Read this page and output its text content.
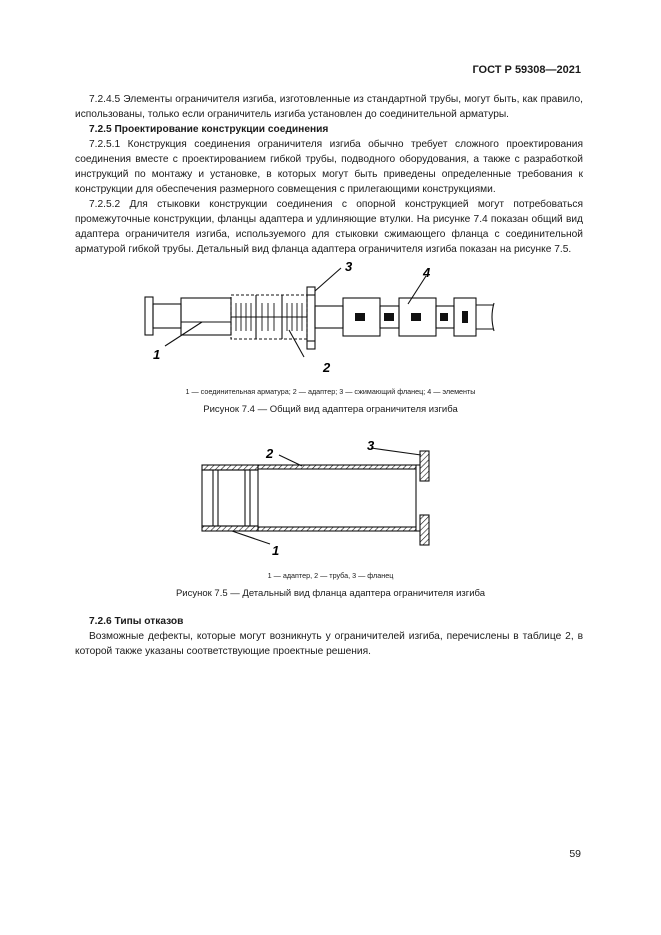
ГОСТ Р 59308—2021

7.2.4.5 Элементы ограничителя изгиба, изготовленные из стандартной трубы, могут быть, как правило, использованы, только если ограничитель изгиба установлен до соединительной арматуры.

7.2.5 Проектирование конструкции соединения

7.2.5.1 Конструкция соединения ограничителя изгиба обычно требует сложного проектирования соединения вместе с проектированием гибкой трубы, подводного оборудования, а также с разработкой инструкций по монтажу и установке, в которых могут быть приведены определенные требования к конструкции для обеспечения размерного совмещения с прилегающими конструкциями.

7.2.5.2 Для стыковки конструкции соединения с опорной конструкцией могут потребоваться промежуточные конструкции, фланцы адаптера и удлиняющие втулки. На рисунке 7.4 показан общий вид адаптера ограничителя изгиба, используемого для стыковки сжимающего фланца с соединительной арматурой гибкой трубы. Детальный вид фланца адаптера ограничителя изгиба показан на рисунке 7.5.

1
2
3	4
1 — соединительная арматура; 2 — адаптер; 3 — сжимающий фланец; 4 — элементы
Рисунок 7.4 — Общий вид адаптера ограничителя изгиба
1
2
3
1 — адаптер, 2 — труба, 3 — фланец
Рисунок 7.5 — Детальный вид фланца адаптера ограничителя изгиба

7.2.6 Типы отказов

Возможные дефекты, которые могут возникнуть у ограничителей изгиба, перечислены в таблице 2, в которой также указаны соответствующие проектные решения.

59
